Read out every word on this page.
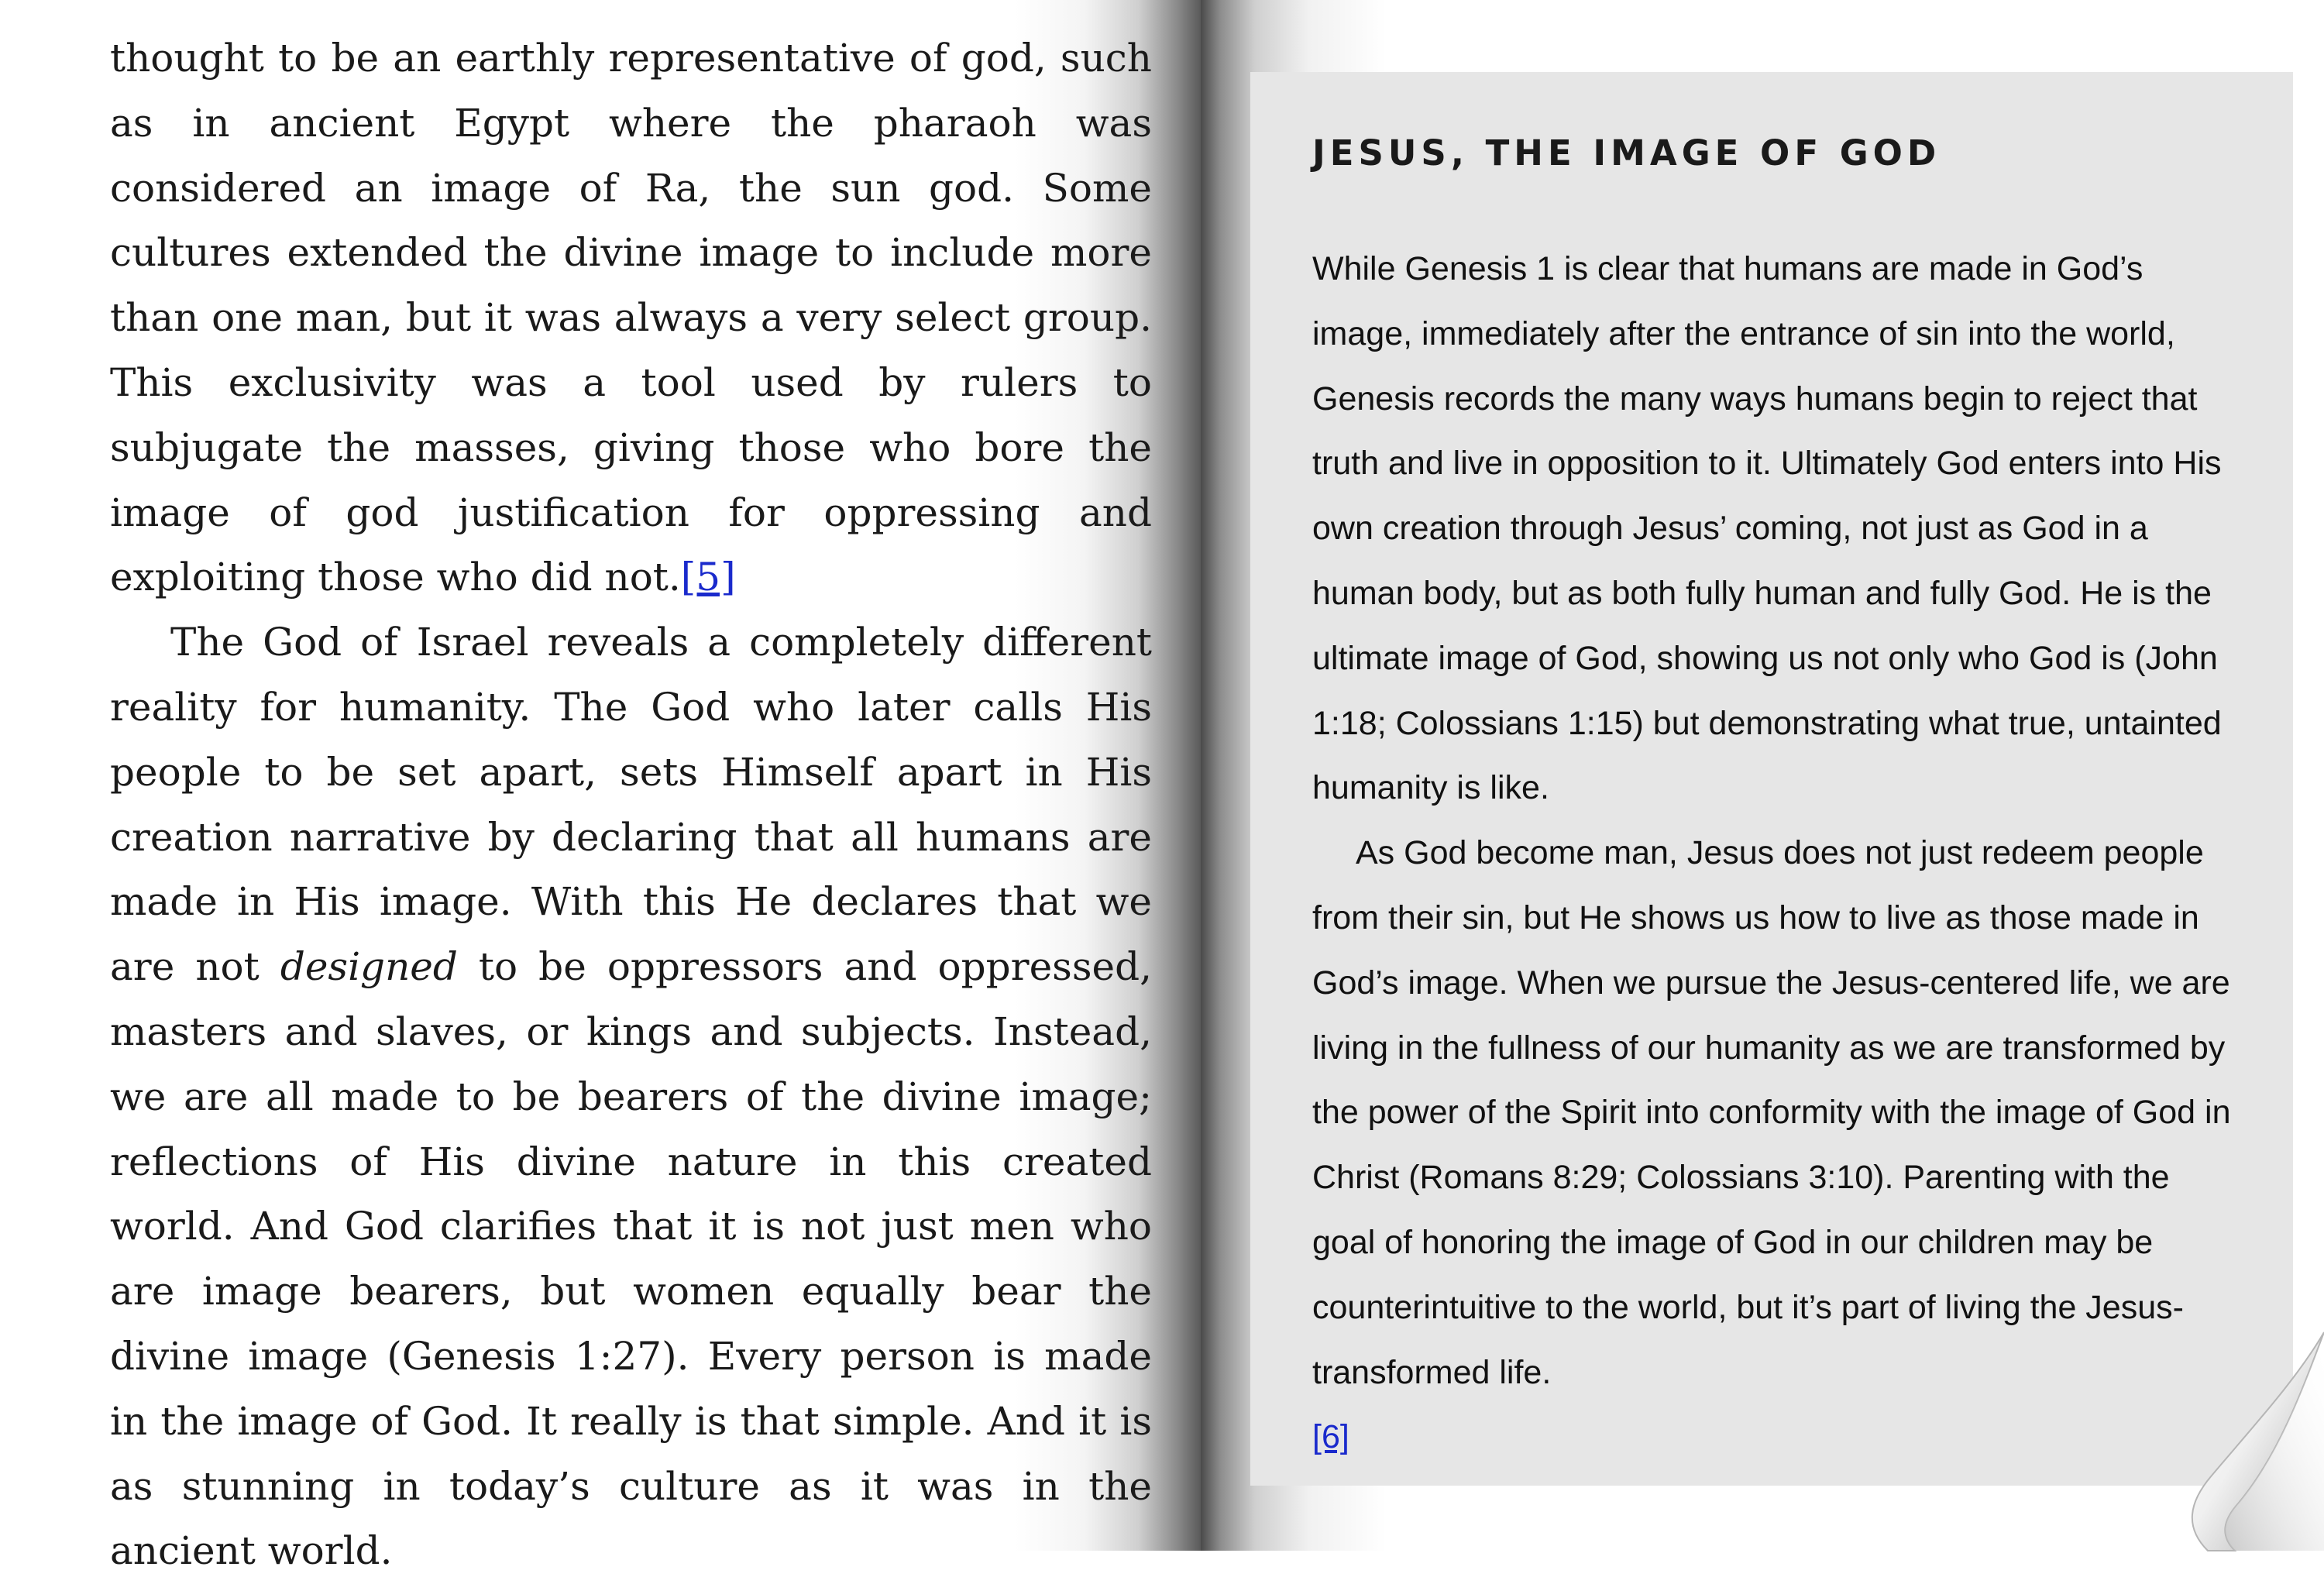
thought to be an earthly representative of god, such as in ancient Egypt where the pharaoh was considered an image of Ra, the sun god. Some cultures extended the divine image to include more than one man, but it was always a very select group. This exclusivity was a tool used by rulers to subjugate the masses, giving those who bore the image of god justification for oppressing and exploiting those who did not.[5]

The God of Israel reveals a completely different reality for humanity. The God who later calls His people to be set apart, sets Himself apart in His creation narrative by declaring that all humans are made in His image. With this He declares that we are not designed to be oppressors and oppressed, masters and slaves, or kings and subjects. Instead, we are all made to be bearers of the divine image; reflections of His divine nature in this created world. And God clarifies that it is not just men who are image bearers, but women equally bear the divine image (Genesis 1:27). Every person is made in the image of God. It really is that simple. And it is as stunning in today’s culture as it was in the ancient world.

JESUS, THE IMAGE OF GOD

While Genesis 1 is clear that humans are made in God’s image, immediately after the entrance of sin into the world, Genesis records the many ways humans begin to reject that truth and live in opposition to it. Ultimately God enters into His own creation through Jesus’ coming, not just as God in a human body, but as both fully human and fully God. He is the ultimate image of God, showing us not only who God is (John 1:18; Colossians 1:15) but demonstrating what true, untainted humanity is like.

As God become man, Jesus does not just redeem people from their sin, but He shows us how to live as those made in God’s image. When we pursue the Jesus-centered life, we are living in the fullness of our humanity as we are transformed by the power of the Spirit into conformity with the image of God in Christ (Romans 8:29; Colossians 3:10). Parenting with the goal of honoring the image of God in our children may be counterintuitive to the world, but it’s part of living the Jesus-transformed life.

[6]
